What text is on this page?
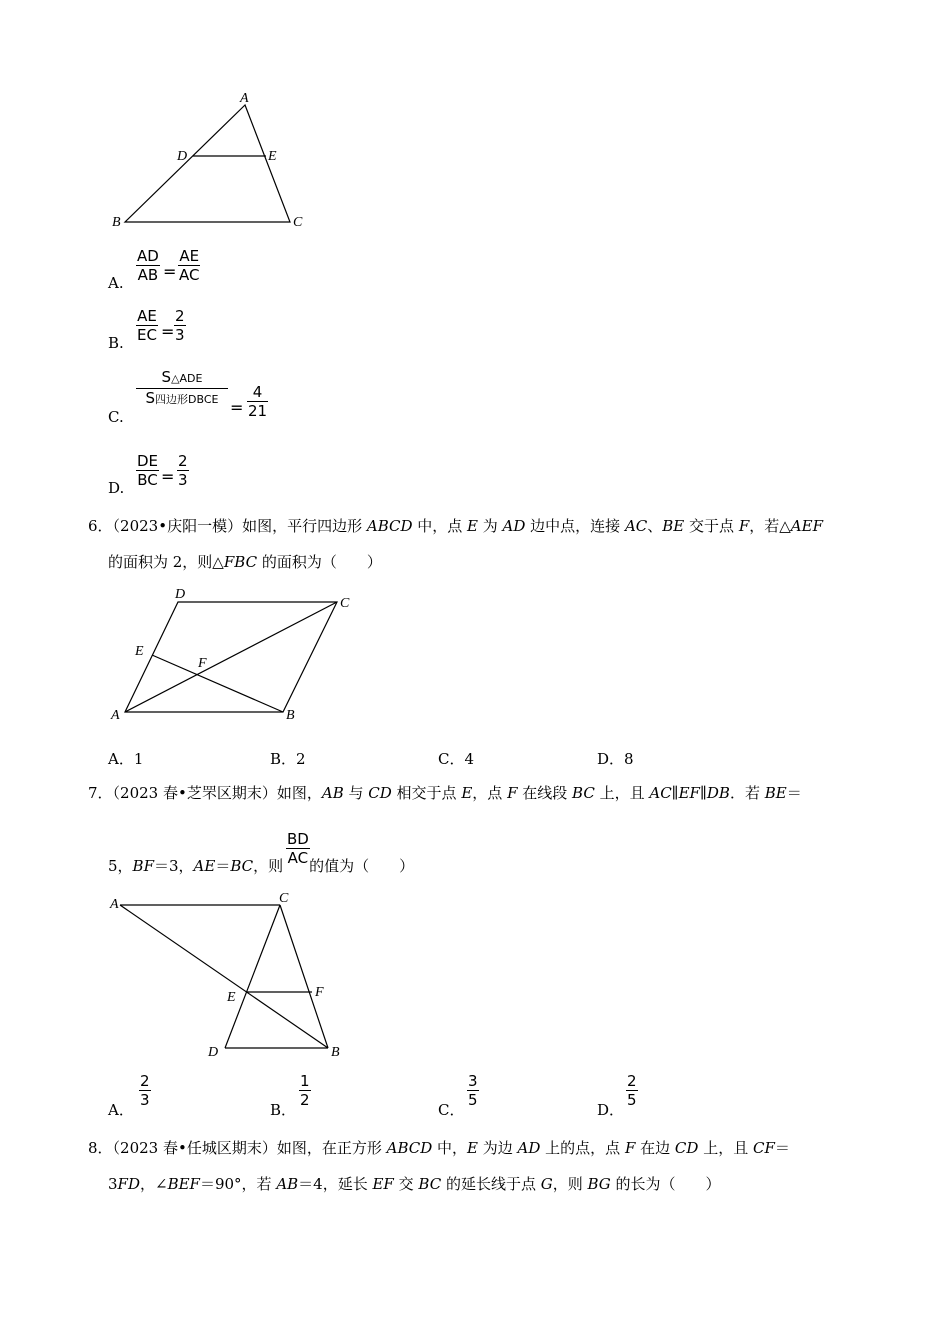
A
B	C
D	E
A.
AD
AB =
AE
AC
B.
AE
EC =
2
3
C.
S△ADE
S四边形DBCE =
4
21
D.
DE
BC =
2
3
6．（2023•庆阳一模）如图，平行四边形 ABCD 中，点 E 为 AD 边中点，连接 AC、BE 交于点 F，若△AEF
的面积为 2，则△FBC 的面积为（　　）
D
C
E
F
A	B
A．1	B．2	C．4	D．8
7．（2023 春•芝罘区期末）如图，AB 与 CD 相交于点 E，点 F 在线段 BC 上，且 AC∥EF∥DB．若 BE＝
5，BF＝3，AE＝BC，则 的值为（　　）
BD
AC
A	C
E	F
D	B
A．
2
3
B．
1
2
C．
3
5
D．
2
5
8．（2023 春•任城区期末）如图，在正方形 ABCD 中，E 为边 AD 上的点，点 F 在边 CD 上，且 CF＝
3FD，∠BEF＝90°，若 AB＝4，延长 EF 交 BC 的延长线于点 G，则 BG 的长为（　　）
